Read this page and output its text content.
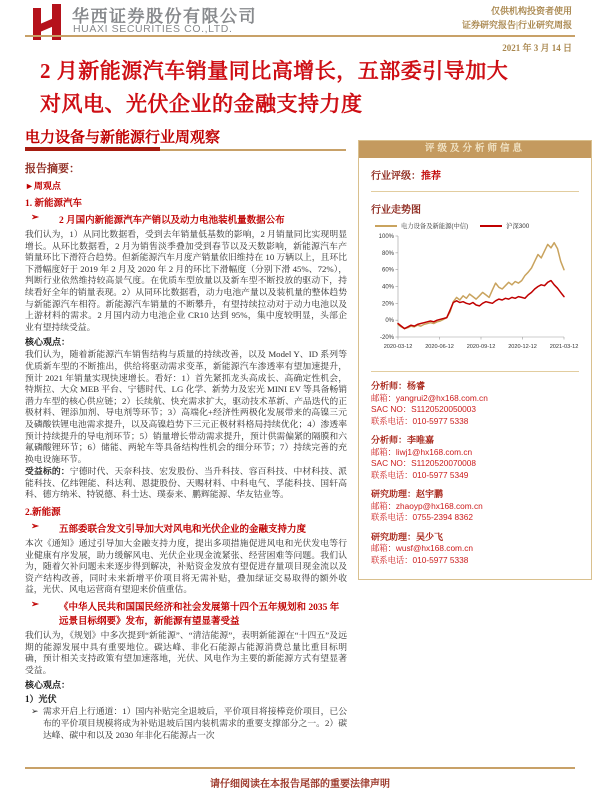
华西证券股份有限公司
HUAXI SECURITIES CO.,LTD.
仅供机构投资者使用
证券研究报告|行业研究周报
2021 年 3 月 14 日
2 月新能源汽车销量同比高增长，五部委引导加大
对风电、光伏企业的金融支持力度
电力设备与新能源行业周观察
报告摘要：
►周观点
1. 新能源汽车
➢	2 月国内新能源汽车产销以及动力电池装机量数据公布

我们认为，1）从同比数据看，受到去年销量低基数的影响，2 月销量同比实现明显增长。从环比数据看，2 月为销售淡季叠加受到春节以及天数影响，新能源汽车产销量环比下滑符合趋势。但新能源汽车月度产销量依旧维持在 10 万辆以上，且环比下滑幅度好于 2019 年 2 月及 2020 年 2 月的环比下滑幅度（分别下滑 45%、72%），判断行业依然维持较高景气度。在优质车型放量以及新车型不断投放的驱动下，持续看好全年的销量表现。2）从同环比数据看，动力电池产量以及装机量的整体趋势与新能源汽车相符。新能源汽车销量的不断攀升，有望持续拉动对于动力电池以及上游材料的需求。2 月国内动力电池企业 CR10 达到 95%，集中度较明显，头部企业有望持续受益。

核心观点：

我们认为，随着新能源汽车销售结构与质量的持续改善，以及 Model Y、ID 系列等优质新车型的不断推出，供给将驱动需求变革，新能源汽车渗透率有望加速提升，预计 2021 年销量实现快速增长。看好：1）首先紧抓龙头高成长、高确定性机会，特斯拉、大众 MEB 平台、宁德时代、LG 化学、新势力及宏光 MINI EV 等具备畅销潜力车型的核心供应链；2）长续航、快充需求扩大，驱动技术革新、产品迭代的正极材料、锂添加剂、导电剂等环节；3）高端化+经济性两极化发展带来的高镍三元及磷酸铁锂电池需求提升，以及高镍趋势下三元正极材料格局持续优化；4）渗透率预计持续提升的导电剂环节；5）销量增长带动需求提升，预计供需偏紧的隔膜和六氟磷酸锂环节；6）储能、两轮车等具备结构性机会的细分环节；7）持续完善的充换电设施环节。

受益标的：宁德时代、天奈科技、宏发股份、当升科技、容百科技、中材科技、派能科技、亿纬锂能、科达利、恩捷股份、天赐材料、中科电气、孚能科技、国轩高科、德方纳米、特锐德、科士达、璞泰来、鹏辉能源、华友钴业等。

2.新能源
➢	五部委联合发文引导加大对风电和光伏企业的金融支持力度

本次《通知》通过引导加大金融支持力度，提出多项措施促进风电和光伏发电等行业健康有序发展，助力缓解风电、光伏企业现金流紧张、经营困难等问题。我们认为，随着欠补问题未来逐步得到解决，补贴资金发放有望促进存量项目现金流以及资产结构改善，同时未来新增平价项目将无需补贴，叠加绿证交易取得的额外收益，光伏、风电运营商有望迎来价值重估。

➢	《中华人民共和国国民经济和社会发展第十四个五年规划和 2035 年远景目标纲要》发布，新能源有望显著受益

我们认为，《规划》中多次提到“新能源”、“清洁能源”，表明新能源在“十四五”及远期的能源发展中具有重要地位。碳达峰、非化石能源占能源消费总量比重目标明确，预计相关支持政策有望加速落地，光伏、风电作为主要的新能源方式有望显著受益。

核心观点：
1）光伏
➢ 需求开启上行通道：1）国内补贴完全退坡后，平价项目将接棒竞价项目，已公布的平价项目规模将成为补贴退坡后国内装机需求的重要支撑部分之一。2）碳达峰、碳中和以及 2030 年非化石能源占一次
评级及分析师信息
行业评级：推荐
行业走势图
电力设备及新能源(中信)	沪深300
100%
80%
60%
40%
20%
0%
-20%
2020-03-12 2020-06-12 2020-09-12 2020-12-12 2021-03-12
分析师：杨睿
邮箱：yangrui2@hx168.com.cn
SAC NO：S1120520050003
联系电话：010-5977 5338
分析师：李唯嘉
邮箱：liwj1@hx168.com.cn
SAC NO：S1120520070008
联系电话：010-5977 5349
研究助理：赵宇鹏
邮箱：zhaoyp@hx168.com.cn
联系电话：0755-2394 8362
研究助理：吴少飞
邮箱：wusf@hx168.com.cn
联系电话：010-5977 5338
请仔细阅读在本报告尾部的重要法律声明
